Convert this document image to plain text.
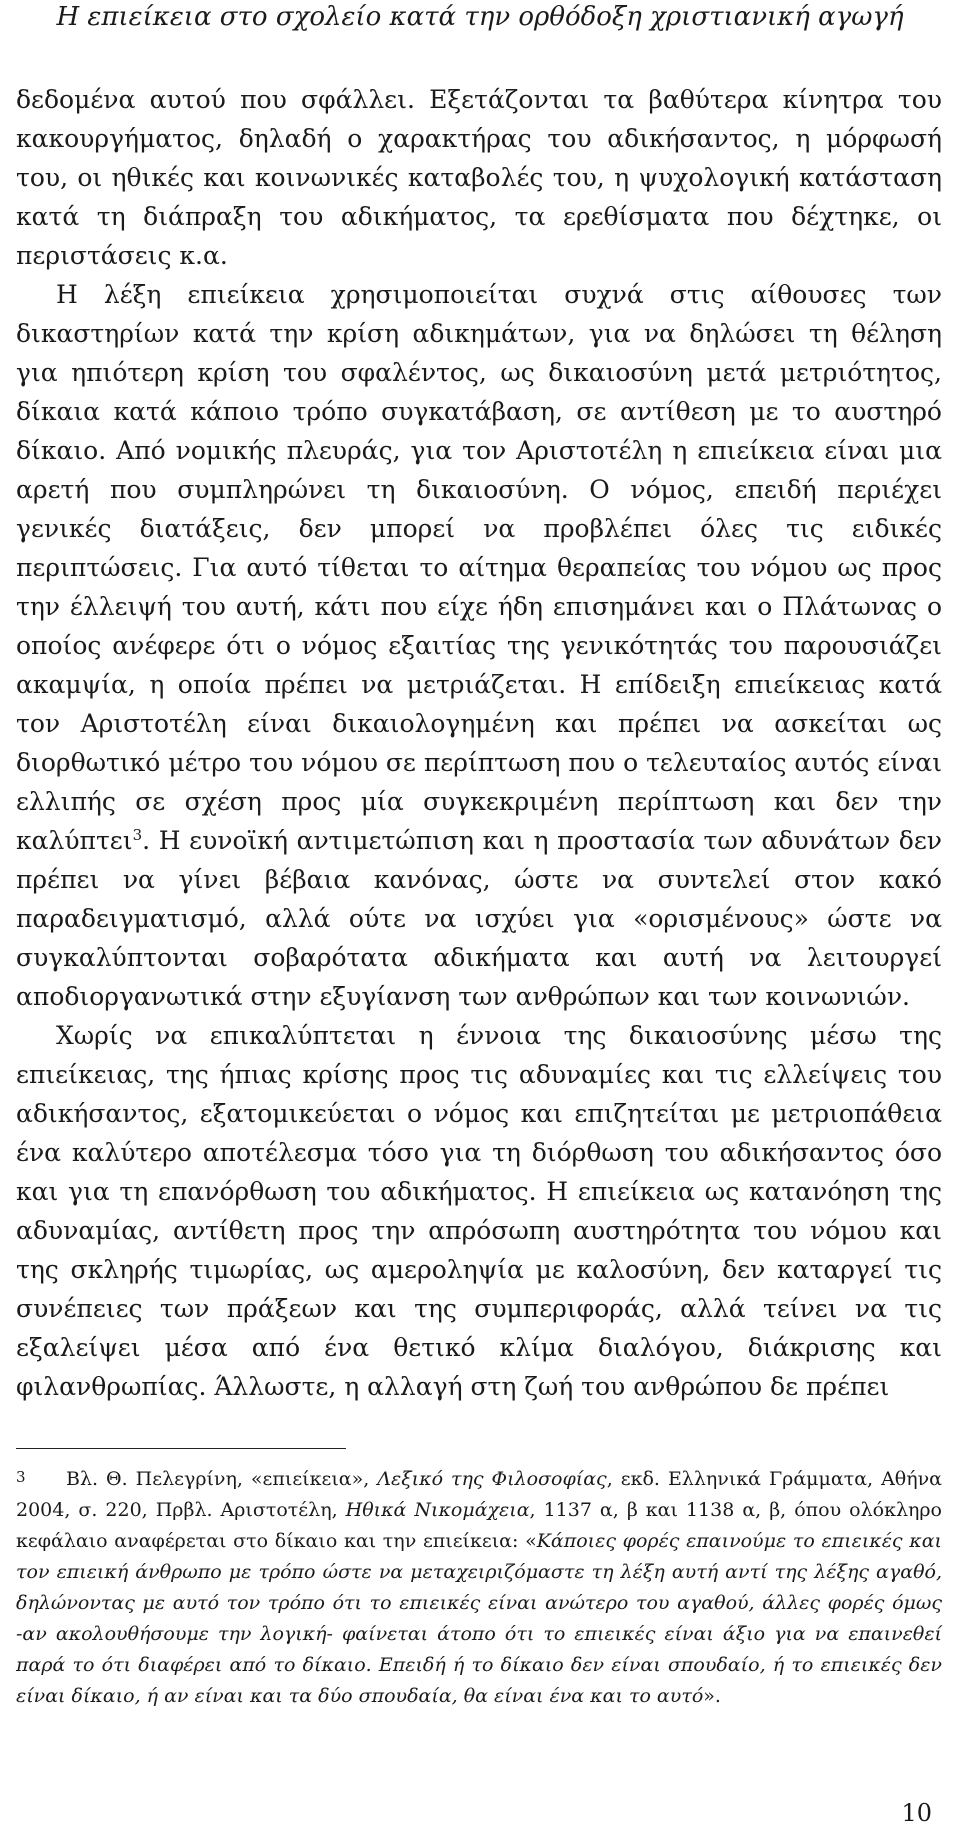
Η επιείκεια στο σχολείο κατά την ορθόδοξη χριστιανική αγωγή

δεδομένα αυτού που σφάλλει. Εξετάζονται τα βαθύτερα κίνητρα του κακουργήματος, δηλαδή ο χαρακτήρας του αδικήσαντος, η μόρφωσή του, οι ηθικές και κοινωνικές καταβολές του, η ψυχολογική κατάσταση κατά τη διάπραξη του αδικήματος, τα ερεθίσματα που δέχτηκε, οι περιστάσεις κ.α.

Η λέξη επιείκεια χρησιμοποιείται συχνά στις αίθουσες των δικαστηρίων κατά την κρίση αδικημάτων, για να δηλώσει τη θέληση για ηπιότερη κρίση του σφαλέντος, ως δικαιοσύνη μετά μετριότητος, δίκαια κατά κάποιο τρόπο συγκατάβαση, σε αντίθεση με το αυστηρό δίκαιο. Από νομικής πλευράς, για τον Αριστοτέλη η επιείκεια είναι μια αρετή που συμπληρώνει τη δικαιοσύνη. Ο νόμος, επειδή περιέχει γενικές διατάξεις, δεν μπορεί να προβλέπει όλες τις ειδικές περιπτώσεις. Για αυτό τίθεται το αίτημα θεραπείας του νόμου ως προς την έλλειψή του αυτή, κάτι που είχε ήδη επισημάνει και ο Πλάτωνας ο οποίος ανέφερε ότι ο νόμος εξαιτίας της γενικότητάς του παρουσιάζει ακαμψία, η οποία πρέπει να μετριάζεται. Η επίδειξη επιείκειας κατά τον Αριστοτέλη είναι δικαιολογημένη και πρέπει να ασκείται ως διορθωτικό μέτρο του νόμου σε περίπτωση που ο τελευταίος αυτός είναι ελλιπής σε σχέση προς μία συγκεκριμένη περίπτωση και δεν την καλύπτει$^3$. Η ευνοϊκή αντιμετώπιση και η προστασία των αδυνάτων δεν πρέπει να γίνει βέβαια κανόνας, ώστε να συντελεί στον κακό παραδειγματισμό, αλλά ούτε να ισχύει για «ορισμένους» ώστε να συγκαλύπτονται σοβαρότατα αδικήματα και αυτή να λειτουργεί αποδιοργανωτικά στην εξυγίανση των ανθρώπων και των κοινωνιών.

Χωρίς να επικαλύπτεται η έννοια της δικαιοσύνης μέσω της επιείκειας, της ήπιας κρίσης προς τις αδυναμίες και τις ελλείψεις του αδικήσαντος, εξατομικεύεται ο νόμος και επιζητείται με μετριοπάθεια ένα καλύτερο αποτέλεσμα τόσο για τη διόρθωση του αδικήσαντος όσο και για τη επανόρθωση του αδικήματος. Η επιείκεια ως κατανόηση της αδυναμίας, αντίθετη προς την απρόσωπη αυστηρότητα του νόμου και της σκληρής τιμωρίας, ως αμεροληψία με καλοσύνη, δεν καταργεί τις συνέπειες των πράξεων και της συμπεριφοράς, αλλά τείνει να τις εξαλείψει μέσα από ένα θετικό κλίμα διαλόγου, διάκρισης και φιλανθρωπίας. Άλλωστε, η αλλαγή στη ζωή του ανθρώπου δε πρέπει

3 Βλ. Θ. Πελεγρίνη, «επιείκεια», Λεξικό της Φιλοσοφίας, εκδ. Ελληνικά Γράμματα, Αθήνα 2004, σ. 220, Πρβλ. Αριστοτέλη, Ηθικά Νικομάχεια, 1137 α, β και 1138 α, β, όπου ολόκληρο κεφάλαιο αναφέρεται στο δίκαιο και την επιείκεια: «Κάποιες φορές επαινούμε το επιεικές και τον επιεική άνθρωπο με τρόπο ώστε να μεταχειριζόμαστε τη λέξη αυτή αντί της λέξης αγαθό, δηλώνοντας με αυτό τον τρόπο ότι το επιεικές είναι ανώτερο του αγαθού, άλλες φορές όμως -αν ακολουθήσουμε την λογική- φαίνεται άτοπο ότι το επιεικές είναι άξιο για να επαινεθεί παρά το ότι διαφέρει από το δίκαιο. Επειδή ή το δίκαιο δεν είναι σπουδαίο, ή το επιεικές δεν είναι δίκαιο, ή αν είναι και τα δύο σπουδαία, θα είναι ένα και το αυτό».
10
